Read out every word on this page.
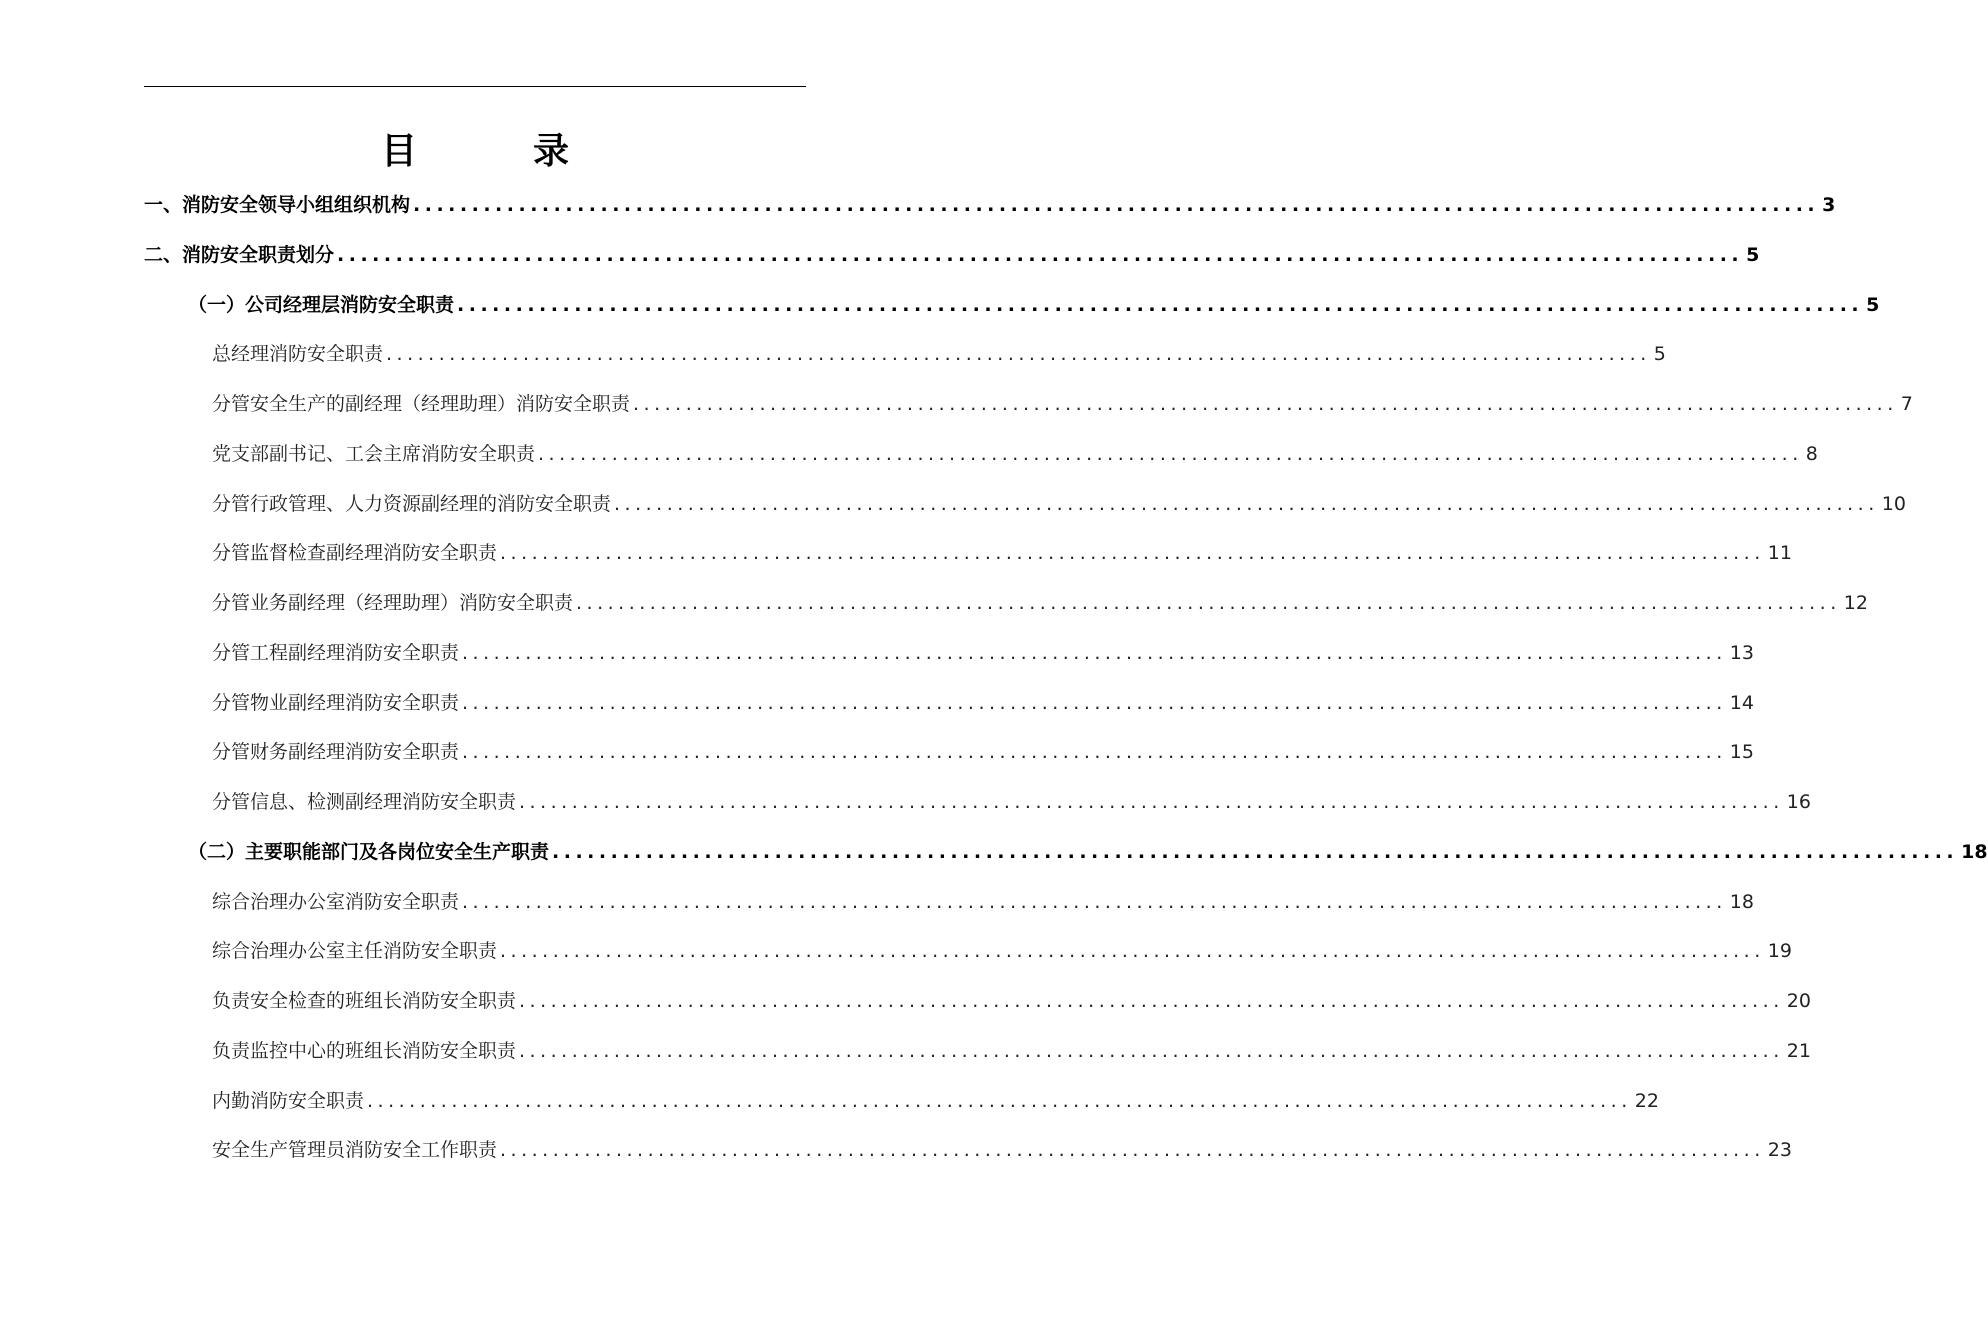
目　录
一、消防安全领导小组组织机构 ........................................................................................................................ 3
二、消防安全职责划分 ........................................................................................................................ 5
（一）公司经理层消防安全职责 ........................................................................................................................ 5
总经理消防安全职责 ........................................................................................................................ 5
分管安全生产的副经理（经理助理）消防安全职责 ........................................................................................................................ 7
党支部副书记、工会主席消防安全职责 ........................................................................................................................ 8
分管行政管理、人力资源副经理的消防安全职责 ........................................................................................................................ 10
分管监督检查副经理消防安全职责 ........................................................................................................................ 11
分管业务副经理（经理助理）消防安全职责 ........................................................................................................................ 12
分管工程副经理消防安全职责 ........................................................................................................................ 13
分管物业副经理消防安全职责 ........................................................................................................................ 14
分管财务副经理消防安全职责 ........................................................................................................................ 15
分管信息、检测副经理消防安全职责 ........................................................................................................................ 16
（二）主要职能部门及各岗位安全生产职责 ........................................................................................................................ 18
综合治理办公室消防安全职责 ........................................................................................................................ 18
综合治理办公室主任消防安全职责 ........................................................................................................................ 19
负责安全检查的班组长消防安全职责 ........................................................................................................................ 20
负责监控中心的班组长消防安全职责 ........................................................................................................................ 21
内勤消防安全职责 ........................................................................................................................ 22
安全生产管理员消防安全工作职责 ........................................................................................................................ 23
